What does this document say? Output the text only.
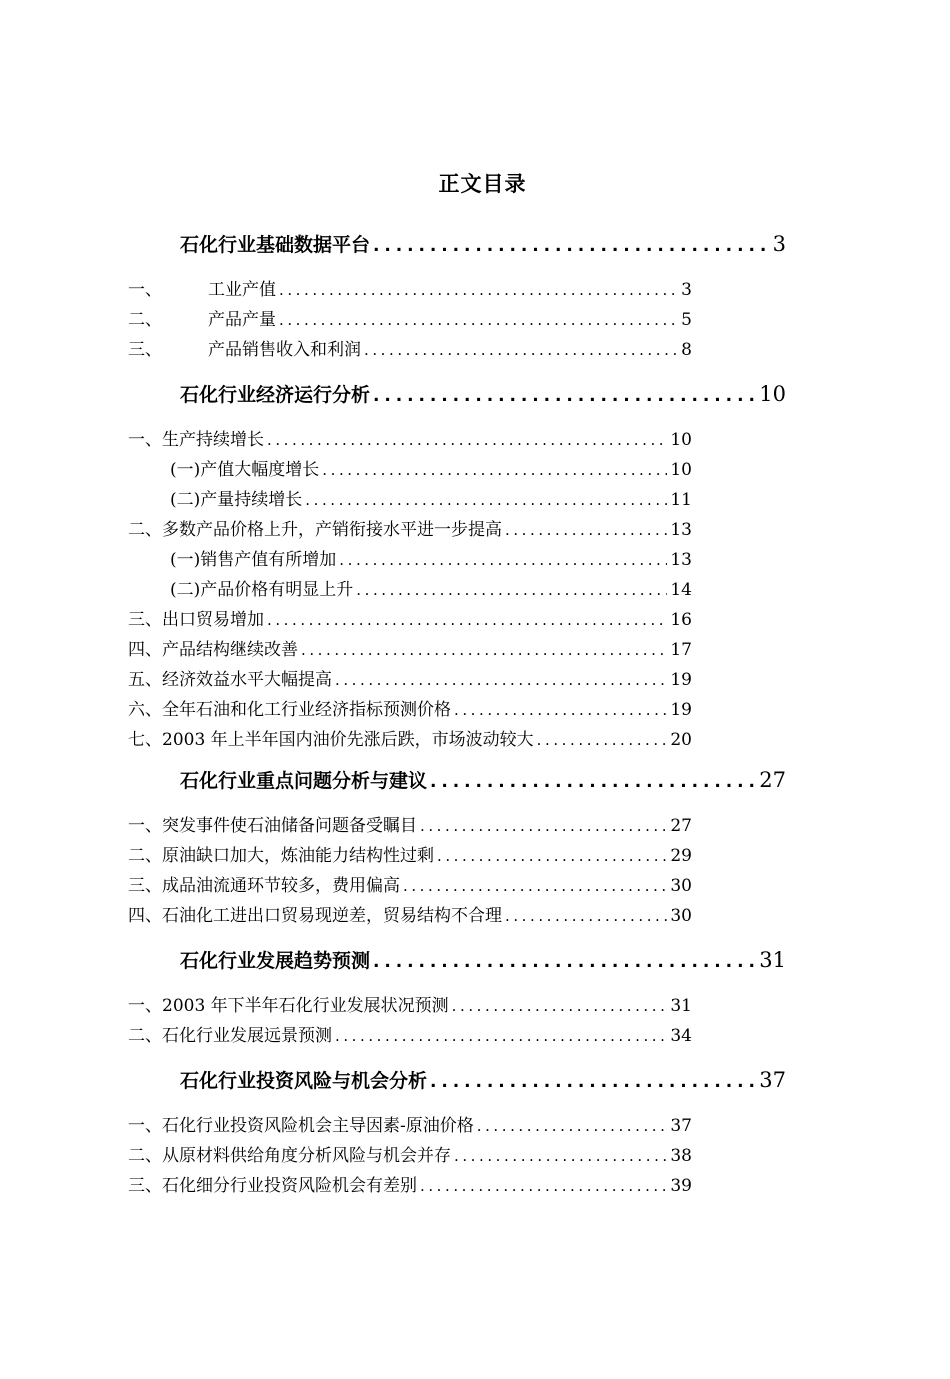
正文目录
石化行业基础数据平台 . . .	3
一、	工业产值 . . .	3
二、	产品产量 . . .	5
三、	产品销售收入和利润 . . .	8
石化行业经济运行分析 . . .	10
一、生产持续增长 . . .	10
(一)产值大幅度增长 . . .	10
(二)产量持续增长 . . .	11
二、多数产品价格上升，产销衔接水平进一步提高 . . .	13
(一)销售产值有所增加 . . .	13
(二)产品价格有明显上升 . . .	14
三、出口贸易增加 . . .	16
四、产品结构继续改善 . . .	17
五、经济效益水平大幅提高 . . .	19
六、全年石油和化工行业经济指标预测价格 . . .	19
七、2003 年上半年国内油价先涨后跌，市场波动较大 . . .	20
石化行业重点问题分析与建议 . . .	27
一、突发事件使石油储备问题备受瞩目 . . .	27
二、原油缺口加大，炼油能力结构性过剩 . . .	29
三、成品油流通环节较多，费用偏高 . . .	30
四、石油化工进出口贸易现逆差，贸易结构不合理 . . .	30
石化行业发展趋势预测 . . .	31
一、2003 年下半年石化行业发展状况预测 . . .	31
二、石化行业发展远景预测 . . .	34
石化行业投资风险与机会分析 . . .	37
一、石化行业投资风险机会主导因素-原油价格 . . .	37
二、从原材料供给角度分析风险与机会并存 . . .	38
三、石化细分行业投资风险机会有差别 . . .	39
